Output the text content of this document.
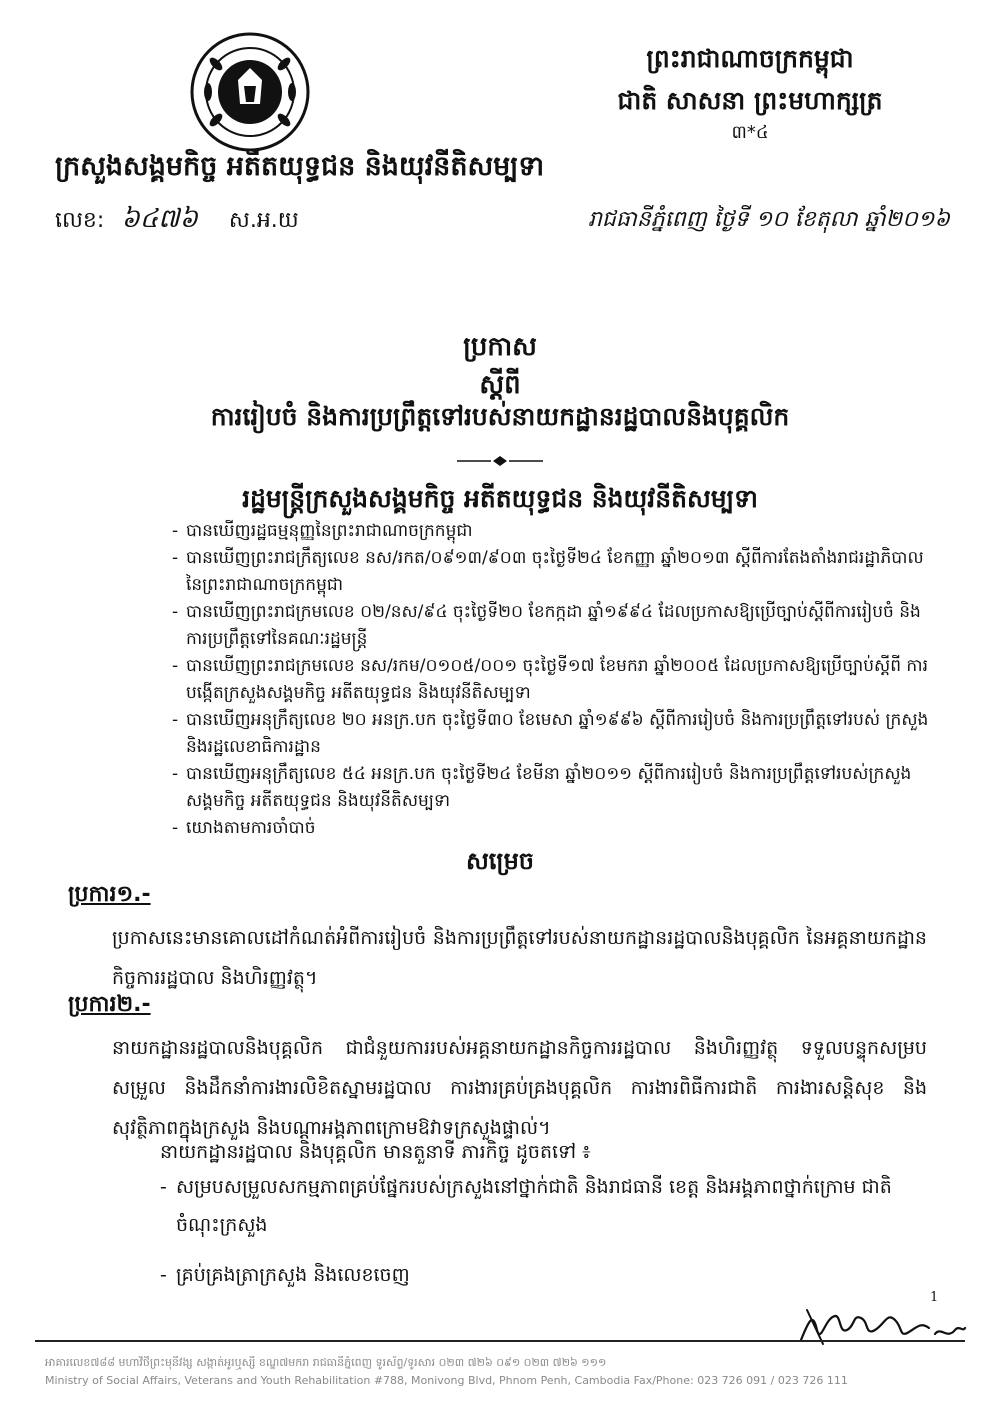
ក្រសួងសង្គមកិច្ច អតីតយុទ្ធជន និងយុវនីតិសម្បទា
ព្រះរាជាណាចក្រកម្ពុជា
ជាតិ សាសនា ព្រះមហាក្សត្រ
៣*៤
លេខ: ៦៤៧៦ ស.អ.យ	រាជធានីភ្នំពេញ ថ្ងៃទី ១០ ខែតុលា ឆ្នាំ២០១៦
ប្រកាស
ស្តីពី
ការរៀបចំ និងការប្រព្រឹត្តទៅរបស់នាយកដ្ឋានរដ្ឋបាលនិងបុគ្គលិក
រដ្ឋមន្ត្រីក្រសួងសង្គមកិច្ច អតីតយុទ្ធជន និងយុវនីតិសម្បទា
- បានឃើញរដ្ឋធម្មនុញ្ញនៃព្រះរាជាណាចក្រកម្ពុជា
- បានឃើញព្រះរាជក្រឹត្យលេខ នស/រកត/០៩១៣/៩០៣ ចុះថ្ងៃទី២៤ ខែកញ្ញា ឆ្នាំ២០១៣ ស្តីពីការតែងតាំងរាជរដ្ឋាភិបាល នៃព្រះរាជាណាចក្រកម្ពុជា
- បានឃើញព្រះរាជក្រមលេខ ០២/នស/៩៤ ចុះថ្ងៃទី២០ ខែកក្កដា ឆ្នាំ១៩៩៤ ដែលប្រកាសឱ្យប្រើច្បាប់ស្តីពីការរៀបចំ និងការប្រព្រឹត្តទៅនៃគណៈរដ្ឋមន្ត្រី
- បានឃើញព្រះរាជក្រមលេខ នស/រកម/០១០៥/០០១ ចុះថ្ងៃទី១៧ ខែមករា ឆ្នាំ២០០៥ ដែលប្រកាសឱ្យប្រើច្បាប់ស្តីពី ការបង្កើតក្រសួងសង្គមកិច្ច អតីតយុទ្ធជន និងយុវនីតិសម្បទា
- បានឃើញអនុក្រឹត្យលេខ ២០ អនក្រ.បក ចុះថ្ងៃទី៣០ ខែមេសា ឆ្នាំ១៩៩៦ ស្តីពីការរៀបចំ និងការប្រព្រឹត្តទៅរបស់ ក្រសួង និងរដ្ឋលេខាធិការដ្ឋាន
- បានឃើញអនុក្រឹត្យលេខ ៥៤ អនក្រ.បក ចុះថ្ងៃទី២៤ ខែមីនា ឆ្នាំ២០១១ ស្តីពីការរៀបចំ និងការប្រព្រឹត្តទៅរបស់ក្រសួង សង្គមកិច្ច អតីតយុទ្ធជន និងយុវនីតិសម្បទា
- យោងតាមការចាំបាច់
សម្រេច
ប្រការ១.-
ប្រកាសនេះមានគោលដៅកំណត់អំពីការរៀបចំ និងការប្រព្រឹត្តទៅរបស់នាយកដ្ឋានរដ្ឋបាលនិងបុគ្គលិក នៃអគ្គនាយកដ្ឋានកិច្ចការរដ្ឋបាល និងហិរញ្ញវត្ថុ។
ប្រការ២.-
នាយកដ្ឋានរដ្ឋបាលនិងបុគ្គលិក ជាជំនួយការរបស់អគ្គនាយកដ្ឋានកិច្ចការរដ្ឋបាល និងហិរញ្ញវត្ថុ ទទួលបន្ទុកសម្របសម្រួល និងដឹកនាំការងារលិខិតស្នាមរដ្ឋបាល ការងារគ្រប់គ្រងបុគ្គលិក ការងារពិធីការជាតិ ការងារសន្តិសុខ និងសុវត្ថិភាពក្នុងក្រសួង និងបណ្តាអង្គភាពក្រោមឱវាទក្រសួងផ្ទាល់។
នាយកដ្ឋានរដ្ឋបាល និងបុគ្គលិក មានតួនាទី ភារកិច្ច ដូចតទៅ ៖
- សម្របសម្រួលសកម្មភាពគ្រប់ផ្នែករបស់ក្រសួងនៅថ្នាក់ជាតិ និងរាជធានី ខេត្ត និងអង្គភាពថ្នាក់ក្រោម ជាតិចំណុះក្រសួង
- គ្រប់គ្រងត្រាក្រសួង និងលេខចេញ
1
អាគារលេខ៧៨៨ មហាវិថីព្រះមុនីវង្ស សង្កាត់អូរឬស្សី ខណ្ឌ៧មករា រាជធានីភ្នំពេញ ទូរស័ព្ទ/ទូរសារ ០២៣ ៧២៦ ០៩១ ០២៣ ៧២៦ ១១១
Ministry of Social Affairs, Veterans and Youth Rehabilitation #788, Monivong Blvd, Phnom Penh, Cambodia Fax/Phone: 023 726 091 / 023 726 111
